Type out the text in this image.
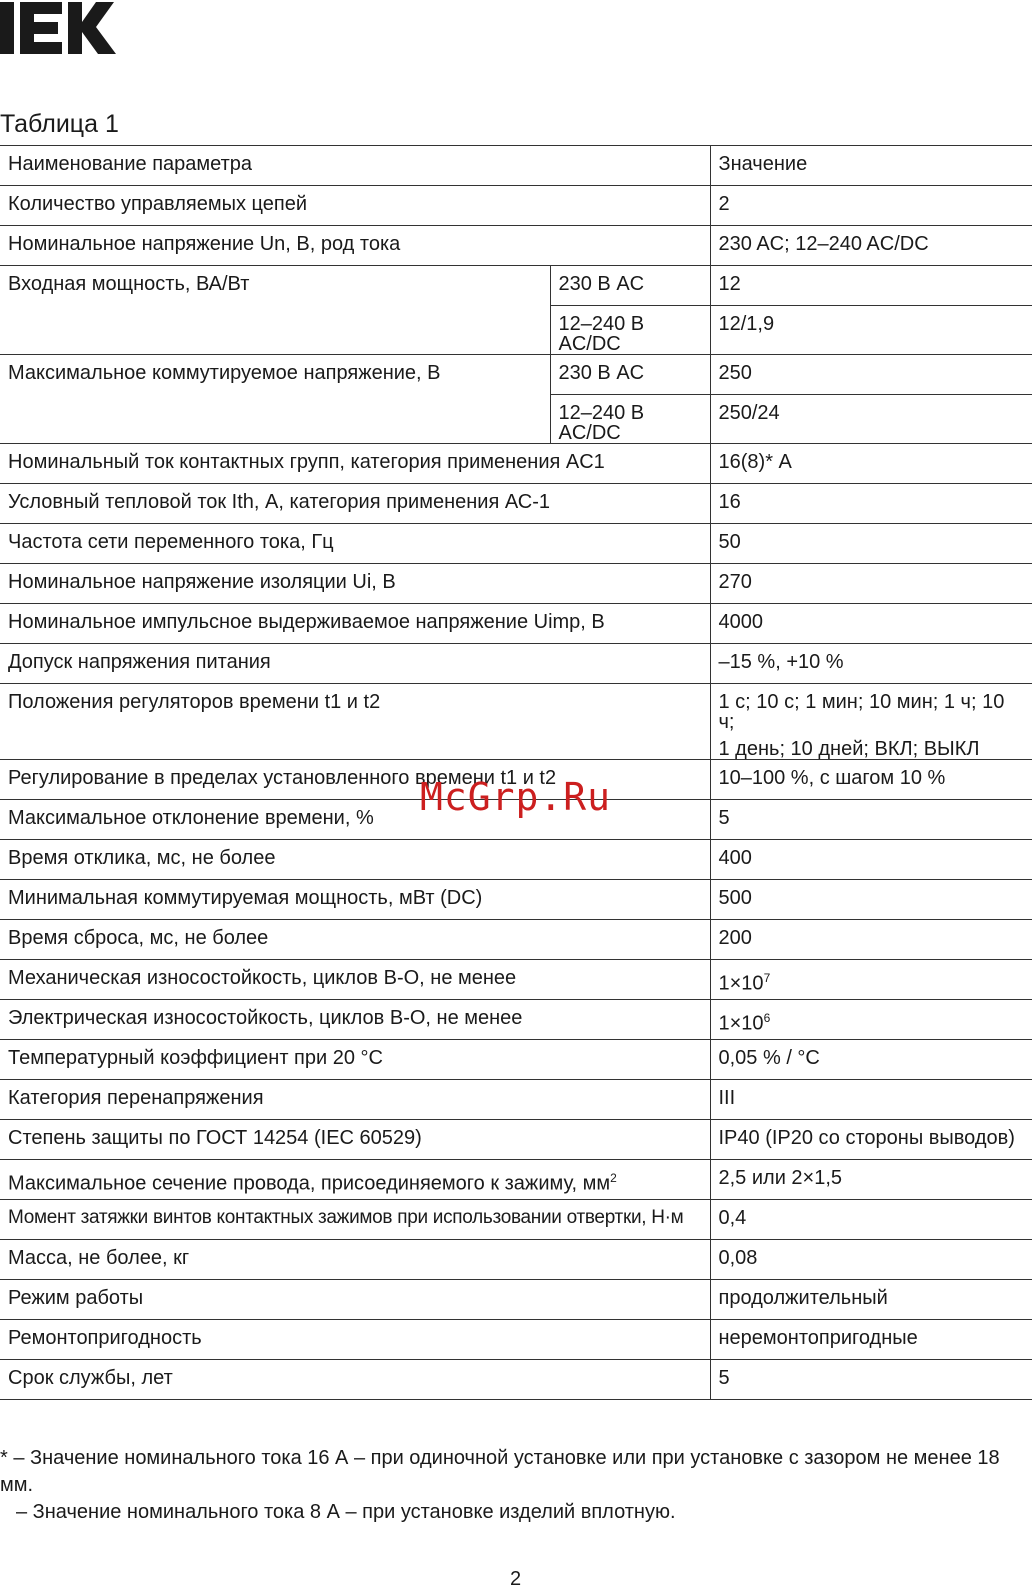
Таблица 1
Наименование параметра		Значение
Количество управляемых цепей		2
Номинальное напряжение Un, В, род тока		230 AC; 12–240 AC/DC
Входная мощность, ВА/Вт	230 В AC	12
	12–240 В AC/DC	12/1,9
Максимальное коммутируемое напряжение, В	230 В AC	250
	12–240 В AC/DC	250/24
Номинальный ток контактных групп, категория применения AC1		16(8)* А
Условный тепловой ток Ith, А, категория применения АС-1		16
Частота сети переменного тока, Гц		50
Номинальное напряжение изоляции Ui, В		270
Номинальное импульсное выдерживаемое напряжение Uimp, В		4000
Допуск напряжения питания		–15 %, +10 %
Положения регуляторов времени t1 и t2		1 с; 10 с; 1 мин; 10 мин; 1 ч; 10 ч;
1 день; 10 дней; ВКЛ; ВЫКЛ

Регулирование в пределах установленного времени t1 и t2		10–100 %, с шагом 10 %
Максимальное отклонение времени, %		5
Время отклика, мс, не более		400
Минимальная коммутируемая мощность, мВт (DC)		500
Время сброса, мс, не более		200
Механическая износостойкость, циклов В-О, не менее		$1\times 10^7$
Электрическая износостойкость, циклов В-О, не менее		$1\times 10^6$
Температурный коэффициент при 20 °С		0,05 % / °С
Категория перенапряжения		III
Степень защиты по ГОСТ 14254 (IEC 60529)		IP40 (IP20 со стороны выводов)
Максимальное сечение провода, присоединяемого к зажиму, $мм^2$		2,5 или 2×1,5
Момент затяжки винтов контактных зажимов при использовании отвертки, Н·м		0,4
Масса, не более, кг		0,08
Режим работы		продолжительный
Ремонтопригодность		неремонтопригодные
Срок службы, лет		5
McGrp.Ru
* – Значение номинального тока 16 А – при одиночной установке или при установке с зазором не менее 18 мм.
– Значение номинального тока 8 А – при установке изделий вплотную.
2
